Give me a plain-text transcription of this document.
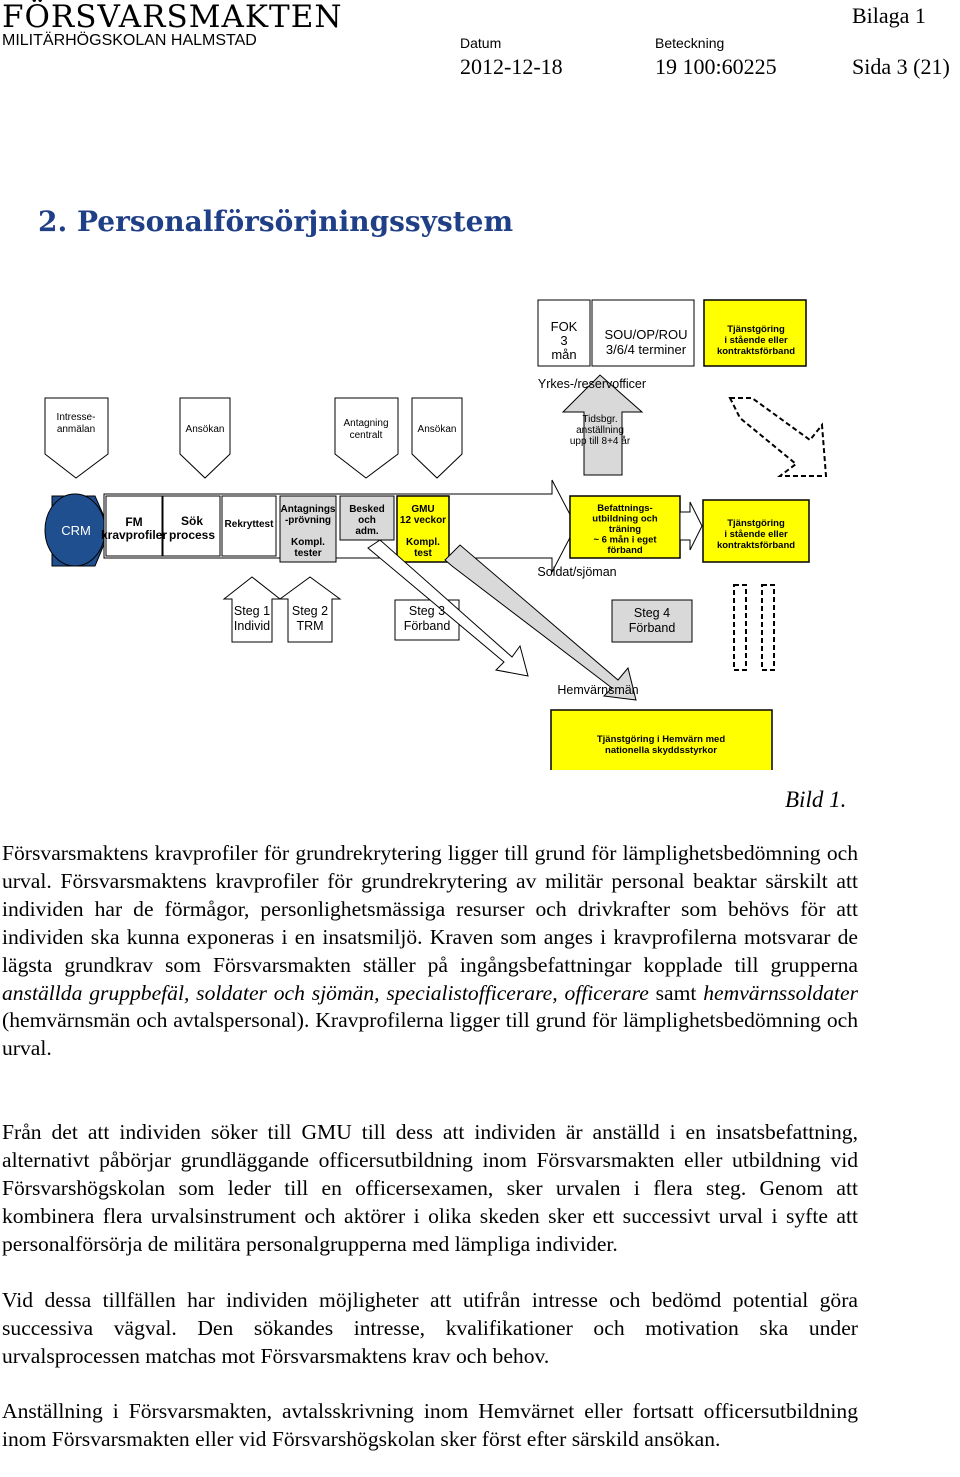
FÖRSVARSMAKTEN
MILITÄRHÖGSKOLAN HALMSTAD	Datum
2012-12-18
Beteckning
19 100:60225
Bilaga 1
Sida 3 (21)
2. Personalförsörjningssystem
FOK 3 mån
SOU/OP/ROU 3/6/4 terminer
Tjänstgöring i stående eller kontraktsförband
Yrkes-/reservofficer
Intresse-anmälan	Ansökan
Antagning centralt
Ansökan
Tidsbgr. anställning upp till 8+4 år
CRM
FM kravprofiler
Sök process
Rekryttest
Antagnings -prövning Kompl. tester
Besked och adm.
GMU 12 veckor Kompl. test
Befattnings-utbildning och träning ~ 6 mån i eget förband
Tjänstgöring i stående eller kontraktsförband
Soldat/sjöman
Steg 1 Individ
Steg 2 TRM
Steg 3 Förband
Steg 4 Förband
Hemvärnsmän
Tjänstgöring i Hemvärn med nationella skyddsstyrkor
Bild 1.

Försvarsmaktens kravprofiler för grundrekrytering ligger till grund för lämplighetsbedömning och urval. Försvarsmaktens kravprofiler för grundrekrytering av militär personal beaktar särskilt att individen har de förmågor, personlighetsmässiga resurser och drivkrafter som behövs för att individen ska kunna exponeras i en insatsmiljö. Kraven som anges i kravprofilerna motsvarar de lägsta grundkrav som Försvarsmakten ställer på ingångsbefattningar kopplade till grupperna anställda gruppbefäl, soldater och sjömän, specialistofficerare, officerare samt hemvärnssoldater (hemvärnsmän och avtalspersonal). Kravprofilerna ligger till grund för lämplighetsbedömning och urval.

Från det att individen söker till GMU till dess att individen är anställd i en insatsbefattning, alternativt påbörjar grundläggande officersutbildning inom Försvarsmakten eller utbildning vid Försvarshögskolan som leder till en officersexamen, sker urvalen i flera steg. Genom att kombinera flera urvalsinstrument och aktörer i olika skeden sker ett successivt urval i syfte att personalförsörja de militära personalgrupperna med lämpliga individer.

Vid dessa tillfällen har individen möjligheter att utifrån intresse och bedömd potential göra successiva vägval. Den sökandes intresse, kvalifikationer och motivation ska under urvalsprocessen matchas mot Försvarsmaktens krav och behov.

Anställning i Försvarsmakten, avtalsskrivning inom Hemvärnet eller fortsatt officersutbildning inom Försvarsmakten eller vid Försvarshögskolan sker först efter särskild ansökan.
